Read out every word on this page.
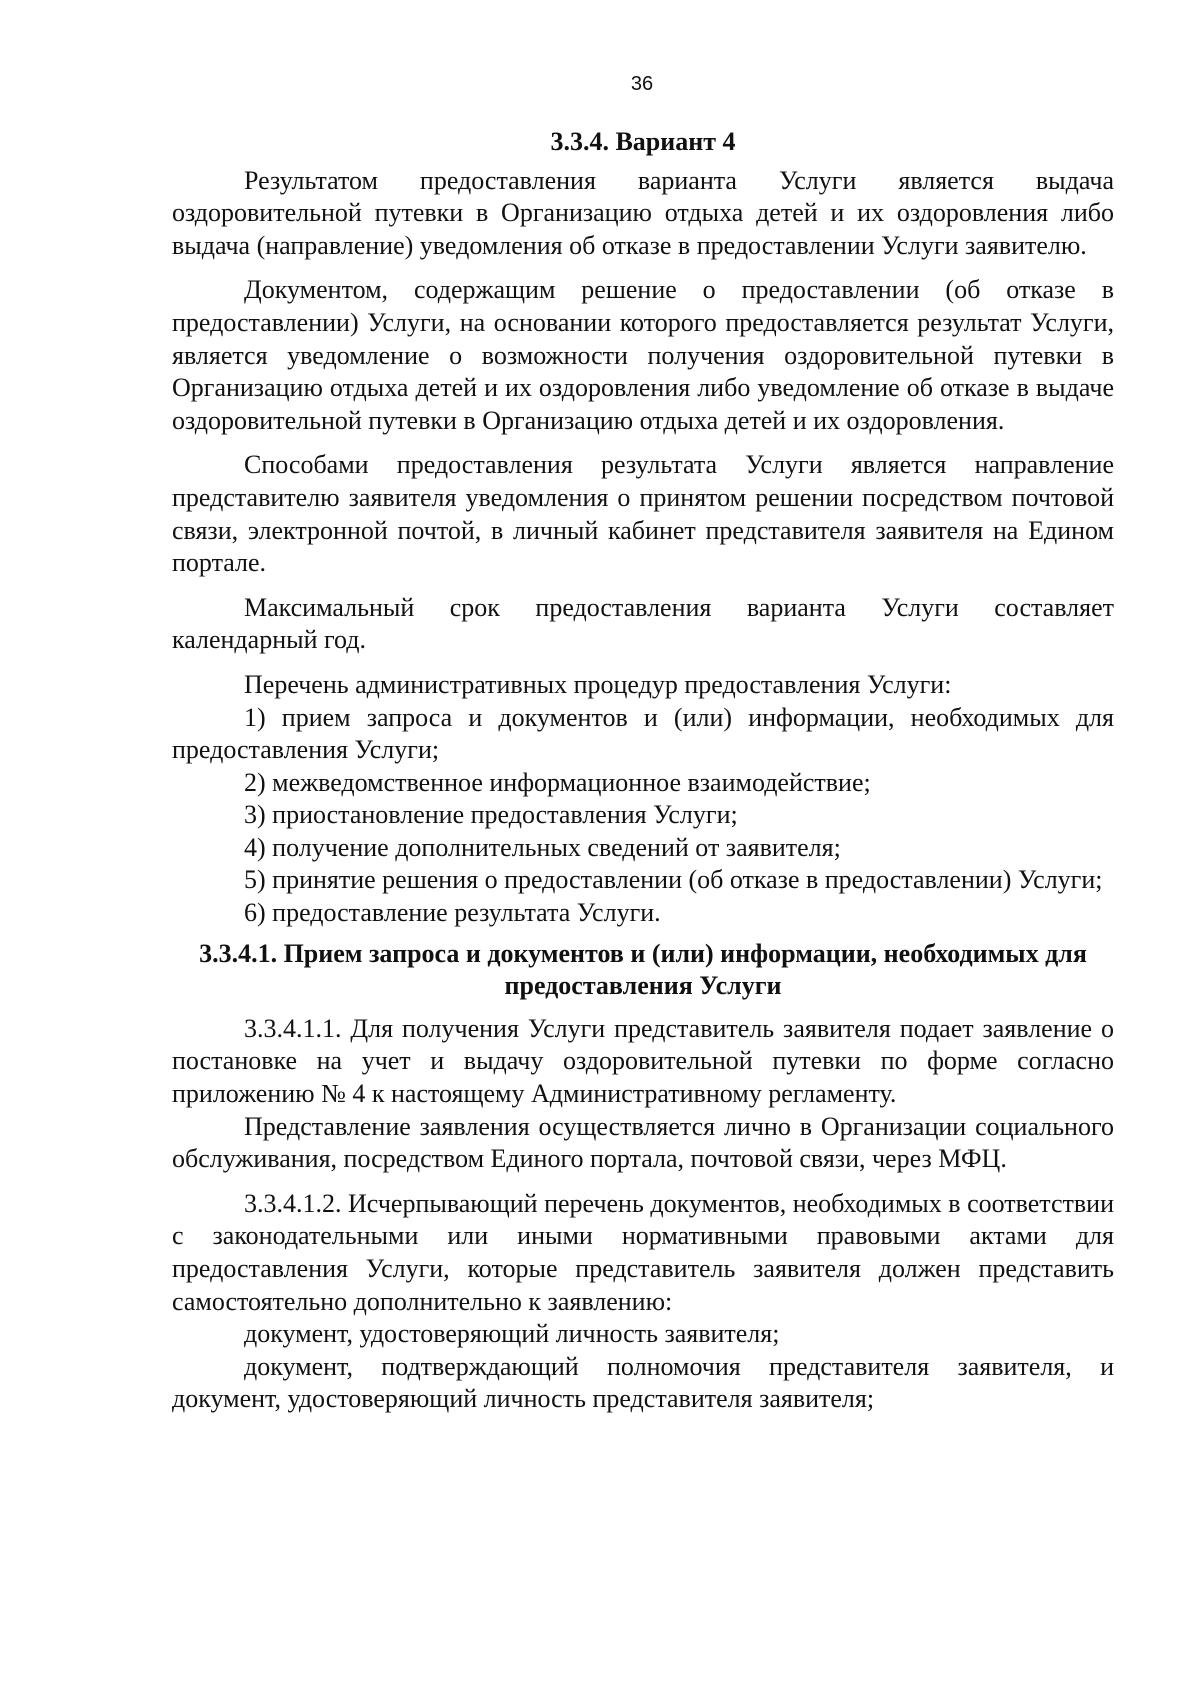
36
3.3.4. Вариант 4

Результатом предоставления варианта Услуги является выдача оздоровительной путевки в Организацию отдыха детей и их оздоровления либо выдача (направление) уведомления об отказе в предоставлении Услуги заявителю.

Документом, содержащим решение о предоставлении (об отказе в предоставлении) Услуги, на основании которого предоставляется результат Услуги, является уведомление о возможности получения оздоровительной путевки в Организацию отдыха детей и их оздоровления либо уведомление об отказе в выдаче оздоровительной путевки в Организацию отдыха детей и их оздоровления.

Способами предоставления результата Услуги является направление представителю заявителя уведомления о принятом решении посредством почтовой связи, электронной почтой, в личный кабинет представителя заявителя на Едином портале.

Максимальный срок предоставления варианта Услуги составляет календарный год.

Перечень административных процедур предоставления Услуги:

1) прием запроса и документов и (или) информации, необходимых для предоставления Услуги;

2) межведомственное информационное взаимодействие;

3) приостановление предоставления Услуги;

4) получение дополнительных сведений от заявителя;

5) принятие решения о предоставлении (об отказе в предоставлении) Услуги;

6) предоставление результата Услуги.

3.3.4.1. Прием запроса и документов и (или) информации, необходимых для предоставления Услуги

3.3.4.1.1. Для получения Услуги представитель заявителя подает заявление о постановке на учет и выдачу оздоровительной путевки по форме согласно приложению № 4 к настоящему Административному регламенту.

Представление заявления осуществляется лично в Организации социального обслуживания, посредством Единого портала, почтовой связи, через МФЦ.

3.3.4.1.2. Исчерпывающий перечень документов, необходимых в соответствии с законодательными или иными нормативными правовыми актами для предоставления Услуги, которые представитель заявителя должен представить самостоятельно дополнительно к заявлению:

документ, удостоверяющий личность заявителя;

документ, подтверждающий полномочия представителя заявителя, и документ, удостоверяющий личность представителя заявителя;
